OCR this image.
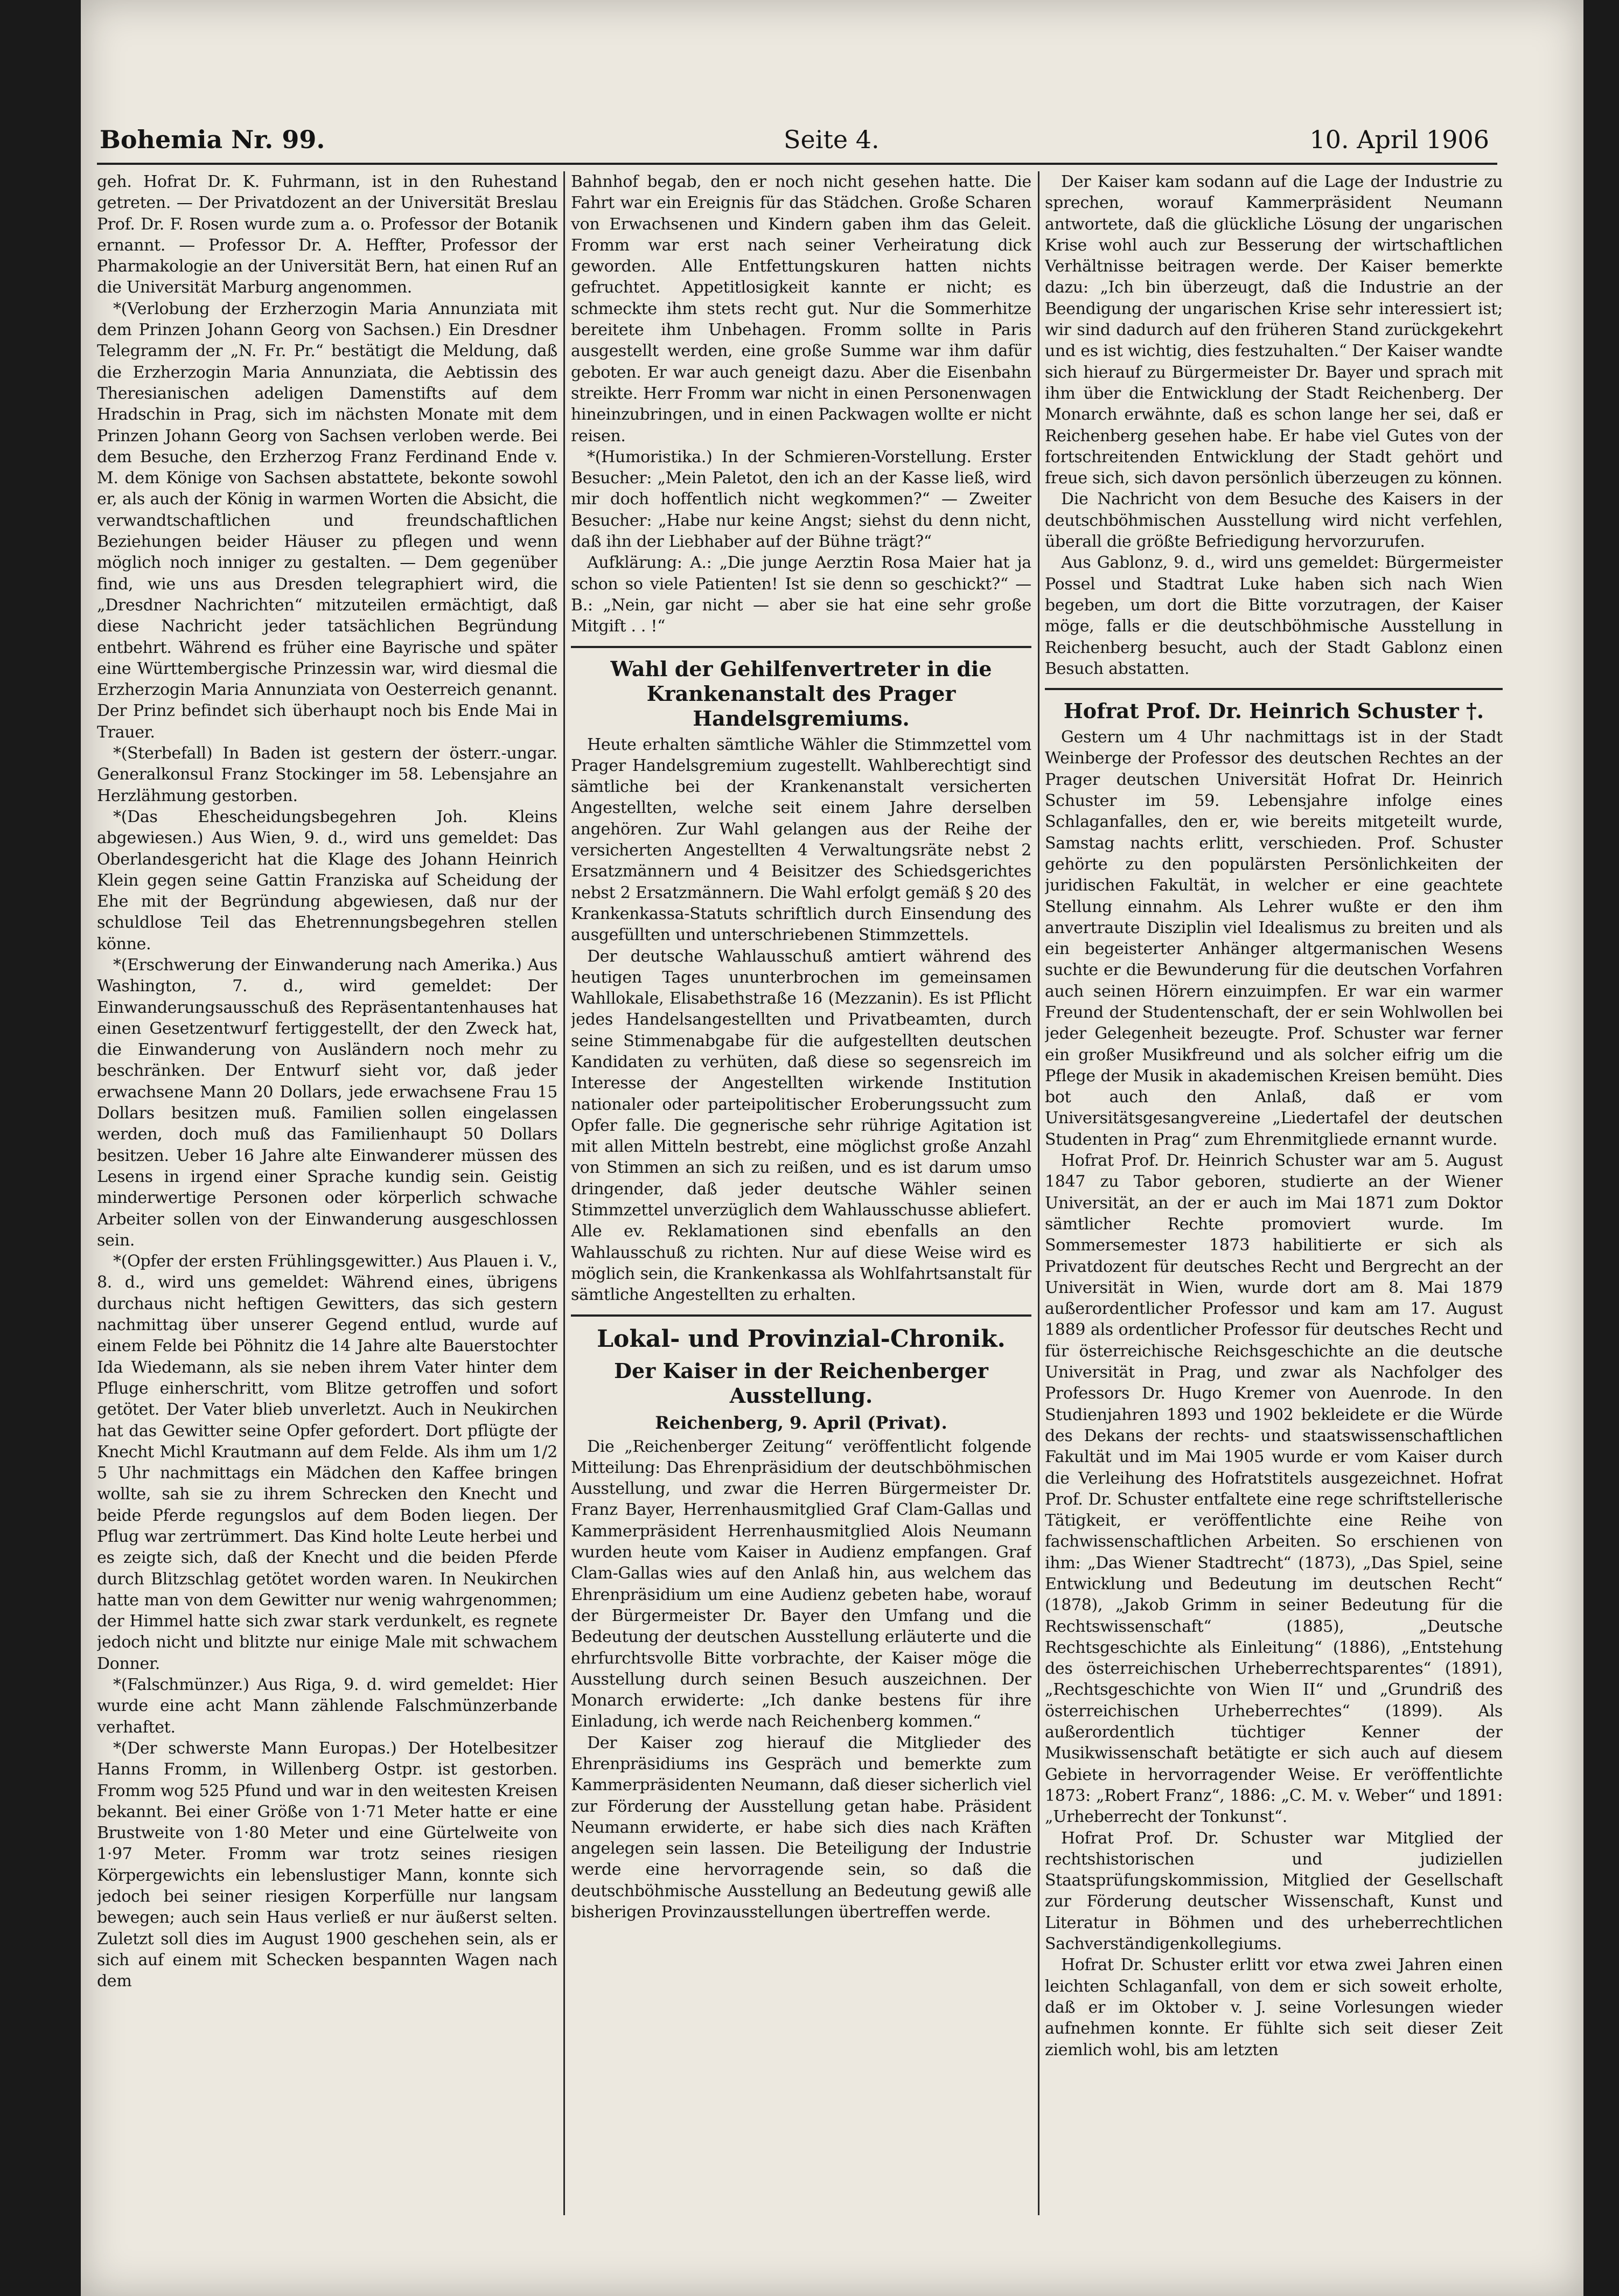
Bohemia Nr. 99.	Seite 4.	10. April 1906

geh. Hofrat Dr. K. Fuhrmann, ist in den Ruhestand getreten. — Der Privatdozent an der Universität Breslau Prof. Dr. F. Rosen wurde zum a. o. Professor der Botanik ernannt. — Professor Dr. A. Heffter, Professor der Pharmakologie an der Universität Bern, hat einen Ruf an die Universität Marburg angenommen.

*(Verlobung der Erzherzogin Maria Annunziata mit dem Prinzen Johann Georg von Sachsen.) Ein Dresdner Telegramm der „N. Fr. Pr.“ bestätigt die Meldung, daß die Erzherzogin Maria Annunziata, die Aebtissin des Theresianischen adeligen Damenstifts auf dem Hradschin in Prag, sich im nächsten Monate mit dem Prinzen Johann Georg von Sachsen verloben werde. Bei dem Besuche, den Erzherzog Franz Ferdinand Ende v. M. dem Könige von Sachsen abstattete, bekonte sowohl er, als auch der König in warmen Worten die Absicht, die verwandtschaftlichen und freundschaftlichen Beziehungen beider Häuser zu pflegen und wenn möglich noch inniger zu gestalten. — Dem gegenüber find, wie uns aus Dresden telegraphiert wird, die „Dresdner Nachrichten“ mitzuteilen ermächtigt, daß diese Nachricht jeder tatsächlichen Begründung entbehrt. Während es früher eine Bayrische und später eine Württembergische Prinzessin war, wird diesmal die Erzherzogin Maria Annunziata von Oesterreich genannt. Der Prinz befindet sich überhaupt noch bis Ende Mai in Trauer.

*(Sterbefall) In Baden ist gestern der österr.-ungar. Generalkonsul Franz Stockinger im 58. Lebensjahre an Herzlähmung gestorben.

*(Das Ehescheidungsbegehren Joh. Kleins abgewiesen.) Aus Wien, 9. d., wird uns gemeldet: Das Oberlandesgericht hat die Klage des Johann Heinrich Klein gegen seine Gattin Franziska auf Scheidung der Ehe mit der Begründung abgewiesen, daß nur der schuldlose Teil das Ehetrennungsbegehren stellen könne.

*(Erschwerung der Einwanderung nach Amerika.) Aus Washington, 7. d., wird gemeldet: Der Einwanderungsausschuß des Repräsentantenhauses hat einen Gesetzentwurf fertiggestellt, der den Zweck hat, die Einwanderung von Ausländern noch mehr zu beschränken. Der Entwurf sieht vor, daß jeder erwachsene Mann 20 Dollars, jede erwachsene Frau 15 Dollars besitzen muß. Familien sollen eingelassen werden, doch muß das Familienhaupt 50 Dollars besitzen. Ueber 16 Jahre alte Einwanderer müssen des Lesens in irgend einer Sprache kundig sein. Geistig minderwertige Personen oder körperlich schwache Arbeiter sollen von der Einwanderung ausgeschlossen sein.

*(Opfer der ersten Frühlingsgewitter.) Aus Plauen i. V., 8. d., wird uns gemeldet: Während eines, übrigens durchaus nicht heftigen Gewitters, das sich gestern nachmittag über unserer Gegend entlud, wurde auf einem Felde bei Pöhnitz die 14 Jahre alte Bauerstochter Ida Wiedemann, als sie neben ihrem Vater hinter dem Pfluge einherschritt, vom Blitze getroffen und sofort getötet. Der Vater blieb unverletzt. Auch in Neukirchen hat das Gewitter seine Opfer gefordert. Dort pflügte der Knecht Michl Krautmann auf dem Felde. Als ihm um 1/2 5 Uhr nachmittags ein Mädchen den Kaffee bringen wollte, sah sie zu ihrem Schrecken den Knecht und beide Pferde regungslos auf dem Boden liegen. Der Pflug war zertrümmert. Das Kind holte Leute herbei und es zeigte sich, daß der Knecht und die beiden Pferde durch Blitzschlag getötet worden waren. In Neukirchen hatte man von dem Gewitter nur wenig wahrgenommen; der Himmel hatte sich zwar stark verdunkelt, es regnete jedoch nicht und blitzte nur einige Male mit schwachem Donner.

*(Falschmünzer.) Aus Riga, 9. d. wird gemeldet: Hier wurde eine acht Mann zählende Falschmünzerbande verhaftet.

*(Der schwerste Mann Europas.) Der Hotelbesitzer Hanns Fromm, in Willenberg Ostpr. ist gestorben. Fromm wog 525 Pfund und war in den weitesten Kreisen bekannt. Bei einer Größe von 1·71 Meter hatte er eine Brustweite von 1·80 Meter und eine Gürtelweite von 1·97 Meter. Fromm war trotz seines riesigen Körpergewichts ein lebenslustiger Mann, konnte sich jedoch bei seiner riesigen Korperfülle nur langsam bewegen; auch sein Haus verließ er nur äußerst selten. Zuletzt soll dies im August 1900 geschehen sein, als er sich auf einem mit Schecken bespannten Wagen nach dem

Bahnhof begab, den er noch nicht gesehen hatte. Die Fahrt war ein Ereignis für das Städchen. Große Scharen von Erwachsenen und Kindern gaben ihm das Geleit. Fromm war erst nach seiner Verheiratung dick geworden. Alle Entfettungskuren hatten nichts gefruchtet. Appetitlosigkeit kannte er nicht; es schmeckte ihm stets recht gut. Nur die Sommerhitze bereitete ihm Unbehagen. Fromm sollte in Paris ausgestellt werden, eine große Summe war ihm dafür geboten. Er war auch geneigt dazu. Aber die Eisenbahn streikte. Herr Fromm war nicht in einen Personenwagen hineinzubringen, und in einen Packwagen wollte er nicht reisen.

*(Humoristika.) In der Schmieren-Vorstellung. Erster Besucher: „Mein Paletot, den ich an der Kasse ließ, wird mir doch hoffentlich nicht wegkommen?“ — Zweiter Besucher: „Habe nur keine Angst; siehst du denn nicht, daß ihn der Liebhaber auf der Bühne trägt?“

Aufklärung: A.: „Die junge Aerztin Rosa Maier hat ja schon so viele Patienten! Ist sie denn so geschickt?“ — B.: „Nein, gar nicht — aber sie hat eine sehr große Mitgift . . !“

Wahl der Gehilfenvertreter in die Krankenanstalt des Prager Handelsgremiums.

Heute erhalten sämtliche Wähler die Stimmzettel vom Prager Handelsgremium zugestellt. Wahlberechtigt sind sämtliche bei der Krankenanstalt versicherten Angestellten, welche seit einem Jahre derselben angehören. Zur Wahl gelangen aus der Reihe der versicherten Angestellten 4 Verwaltungsräte nebst 2 Ersatzmännern und 4 Beisitzer des Schiedsgerichtes nebst 2 Ersatzmännern. Die Wahl erfolgt gemäß § 20 des Krankenkassa-Statuts schriftlich durch Einsendung des ausgefüllten und unterschriebenen Stimmzettels.

Der deutsche Wahlausschuß amtiert während des heutigen Tages ununterbrochen im gemeinsamen Wahllokale, Elisabethstraße 16 (Mezzanin). Es ist Pflicht jedes Handelsangestellten und Privatbeamten, durch seine Stimmenabgabe für die aufgestellten deutschen Kandidaten zu verhüten, daß diese so segensreich im Interesse der Angestellten wirkende Institution nationaler oder parteipolitischer Eroberungssucht zum Opfer falle. Die gegnerische sehr rührige Agitation ist mit allen Mitteln bestrebt, eine möglichst große Anzahl von Stimmen an sich zu reißen, und es ist darum umso dringender, daß jeder deutsche Wähler seinen Stimmzettel unverzüglich dem Wahlausschusse abliefert. Alle ev. Reklamationen sind ebenfalls an den Wahlausschuß zu richten. Nur auf diese Weise wird es möglich sein, die Krankenkassa als Wohlfahrtsanstalt für sämtliche Angestellten zu erhalten.

Lokal- und Provinzial-Chronik.
Der Kaiser in der Reichenberger Ausstellung.
Reichenberg, 9. April (Privat).

Die „Reichenberger Zeitung“ veröffentlicht folgende Mitteilung: Das Ehrenpräsidium der deutschböhmischen Ausstellung, und zwar die Herren Bürgermeister Dr. Franz Bayer, Herrenhausmitglied Graf Clam-Gallas und Kammerpräsident Herrenhausmitglied Alois Neumann wurden heute vom Kaiser in Audienz empfangen. Graf Clam-Gallas wies auf den Anlaß hin, aus welchem das Ehrenpräsidium um eine Audienz gebeten habe, worauf der Bürgermeister Dr. Bayer den Umfang und die Bedeutung der deutschen Ausstellung erläuterte und die ehrfurchtsvolle Bitte vorbrachte, der Kaiser möge die Ausstellung durch seinen Besuch auszeichnen. Der Monarch erwiderte: „Ich danke bestens für ihre Einladung, ich werde nach Reichenberg kommen.“

Der Kaiser zog hierauf die Mitglieder des Ehrenpräsidiums ins Gespräch und bemerkte zum Kammerpräsidenten Neumann, daß dieser sicherlich viel zur Förderung der Ausstellung getan habe. Präsident Neumann erwiderte, er habe sich dies nach Kräften angelegen sein lassen. Die Beteiligung der Industrie werde eine hervorragende sein, so daß die deutschböhmische Ausstellung an Bedeutung gewiß alle bisherigen Provinzausstellungen übertreffen werde.

Der Kaiser kam sodann auf die Lage der Industrie zu sprechen, worauf Kammerpräsident Neumann antwortete, daß die glückliche Lösung der ungarischen Krise wohl auch zur Besserung der wirtschaftlichen Verhältnisse beitragen werde. Der Kaiser bemerkte dazu: „Ich bin überzeugt, daß die Industrie an der Beendigung der ungarischen Krise sehr interessiert ist; wir sind dadurch auf den früheren Stand zurückgekehrt und es ist wichtig, dies festzuhalten.“ Der Kaiser wandte sich hierauf zu Bürgermeister Dr. Bayer und sprach mit ihm über die Entwicklung der Stadt Reichenberg. Der Monarch erwähnte, daß es schon lange her sei, daß er Reichenberg gesehen habe. Er habe viel Gutes von der fortschreitenden Entwicklung der Stadt gehört und freue sich, sich davon persönlich überzeugen zu können.

Die Nachricht von dem Besuche des Kaisers in der deutschböhmischen Ausstellung wird nicht verfehlen, überall die größte Befriedigung hervorzurufen.

Aus Gablonz, 9. d., wird uns gemeldet: Bürgermeister Possel und Stadtrat Luke haben sich nach Wien begeben, um dort die Bitte vorzutragen, der Kaiser möge, falls er die deutschböhmische Ausstellung in Reichenberg besucht, auch der Stadt Gablonz einen Besuch abstatten.

Hofrat Prof. Dr. Heinrich Schuster †.

Gestern um 4 Uhr nachmittags ist in der Stadt Weinberge der Professor des deutschen Rechtes an der Prager deutschen Universität Hofrat Dr. Heinrich Schuster im 59. Lebensjahre infolge eines Schlaganfalles, den er, wie bereits mitgeteilt wurde, Samstag nachts erlitt, verschieden. Prof. Schuster gehörte zu den populärsten Persönlichkeiten der juridischen Fakultät, in welcher er eine geachtete Stellung einnahm. Als Lehrer wußte er den ihm anvertraute Disziplin viel Idealismus zu breiten und als ein begeisterter Anhänger altgermanischen Wesens suchte er die Bewunderung für die deutschen Vorfahren auch seinen Hörern einzuimpfen. Er war ein warmer Freund der Studentenschaft, der er sein Wohlwollen bei jeder Gelegenheit bezeugte. Prof. Schuster war ferner ein großer Musikfreund und als solcher eifrig um die Pflege der Musik in akademischen Kreisen bemüht. Dies bot auch den Anlaß, daß er vom Universitätsgesangvereine „Liedertafel der deutschen Studenten in Prag“ zum Ehrenmitgliede ernannt wurde.

Hofrat Prof. Dr. Heinrich Schuster war am 5. August 1847 zu Tabor geboren, studierte an der Wiener Universität, an der er auch im Mai 1871 zum Doktor sämtlicher Rechte promoviert wurde. Im Sommersemester 1873 habilitierte er sich als Privatdozent für deutsches Recht und Bergrecht an der Universität in Wien, wurde dort am 8. Mai 1879 außerordentlicher Professor und kam am 17. August 1889 als ordentlicher Professor für deutsches Recht und für österreichische Reichsgeschichte an die deutsche Universität in Prag, und zwar als Nachfolger des Professors Dr. Hugo Kremer von Auenrode. In den Studienjahren 1893 und 1902 bekleidete er die Würde des Dekans der rechts- und staatswissenschaftlichen Fakultät und im Mai 1905 wurde er vom Kaiser durch die Verleihung des Hofratstitels ausgezeichnet. Hofrat Prof. Dr. Schuster entfaltete eine rege schriftstellerische Tätigkeit, er veröffentlichte eine Reihe von fachwissenschaftlichen Arbeiten. So erschienen von ihm: „Das Wiener Stadtrecht“ (1873), „Das Spiel, seine Entwicklung und Bedeutung im deutschen Recht“ (1878), „Jakob Grimm in seiner Bedeutung für die Rechtswissenschaft“ (1885), „Deutsche Rechtsgeschichte als Einleitung“ (1886), „Entstehung des österreichischen Urheberrechtsparentes“ (1891), „Rechtsgeschichte von Wien II“ und „Grundriß des österreichischen Urheberrechtes“ (1899). Als außerordentlich tüchtiger Kenner der Musikwissenschaft betätigte er sich auch auf diesem Gebiete in hervorragender Weise. Er veröffentlichte 1873: „Robert Franz“, 1886: „C. M. v. Weber“ und 1891: „Urheberrecht der Tonkunst“.

Hofrat Prof. Dr. Schuster war Mitglied der rechtshistorischen und judiziellen Staatsprüfungskommission, Mitglied der Gesellschaft zur Förderung deutscher Wissenschaft, Kunst und Literatur in Böhmen und des urheberrechtlichen Sachverständigenkollegiums.

Hofrat Dr. Schuster erlitt vor etwa zwei Jahren einen leichten Schlaganfall, von dem er sich soweit erholte, daß er im Oktober v. J. seine Vorlesungen wieder aufnehmen konnte. Er fühlte sich seit dieser Zeit ziemlich wohl, bis am letzten
